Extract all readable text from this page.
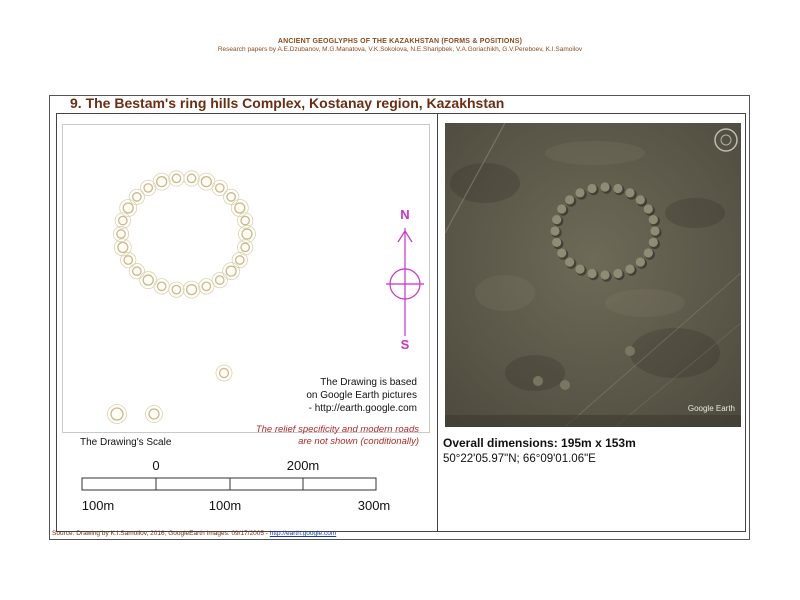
ANCIENT GEOGLYPHS OF THE KAZAKHSTAN (FORMS & POSITIONS)
Research papers by A.E.Dzubanov, M.G.Manatova, V.K.Sokolova, N.E.Sharipbek, V.A.Goriachikh, G.V.Pereboev, K.I.Samoilov
9. The Bestam's ring hills Complex, Kostanay region, Kazakhstan
N
S
The Drawing is based
on Google Earth pictures
- http://earth.google.com
The relief specificity and modern roads
are not shown (conditionally)
The Drawing's Scale
0	200m
100m	100m	300m
Google Earth
Overall dimensions: 195m x 153m
50°22'05.97"N; 66°09'01.06"E
Source: Drawing by K.I.Samoilov, 2016; GoogleEarth Images: 09/17/2005 - http://earth.google.com
